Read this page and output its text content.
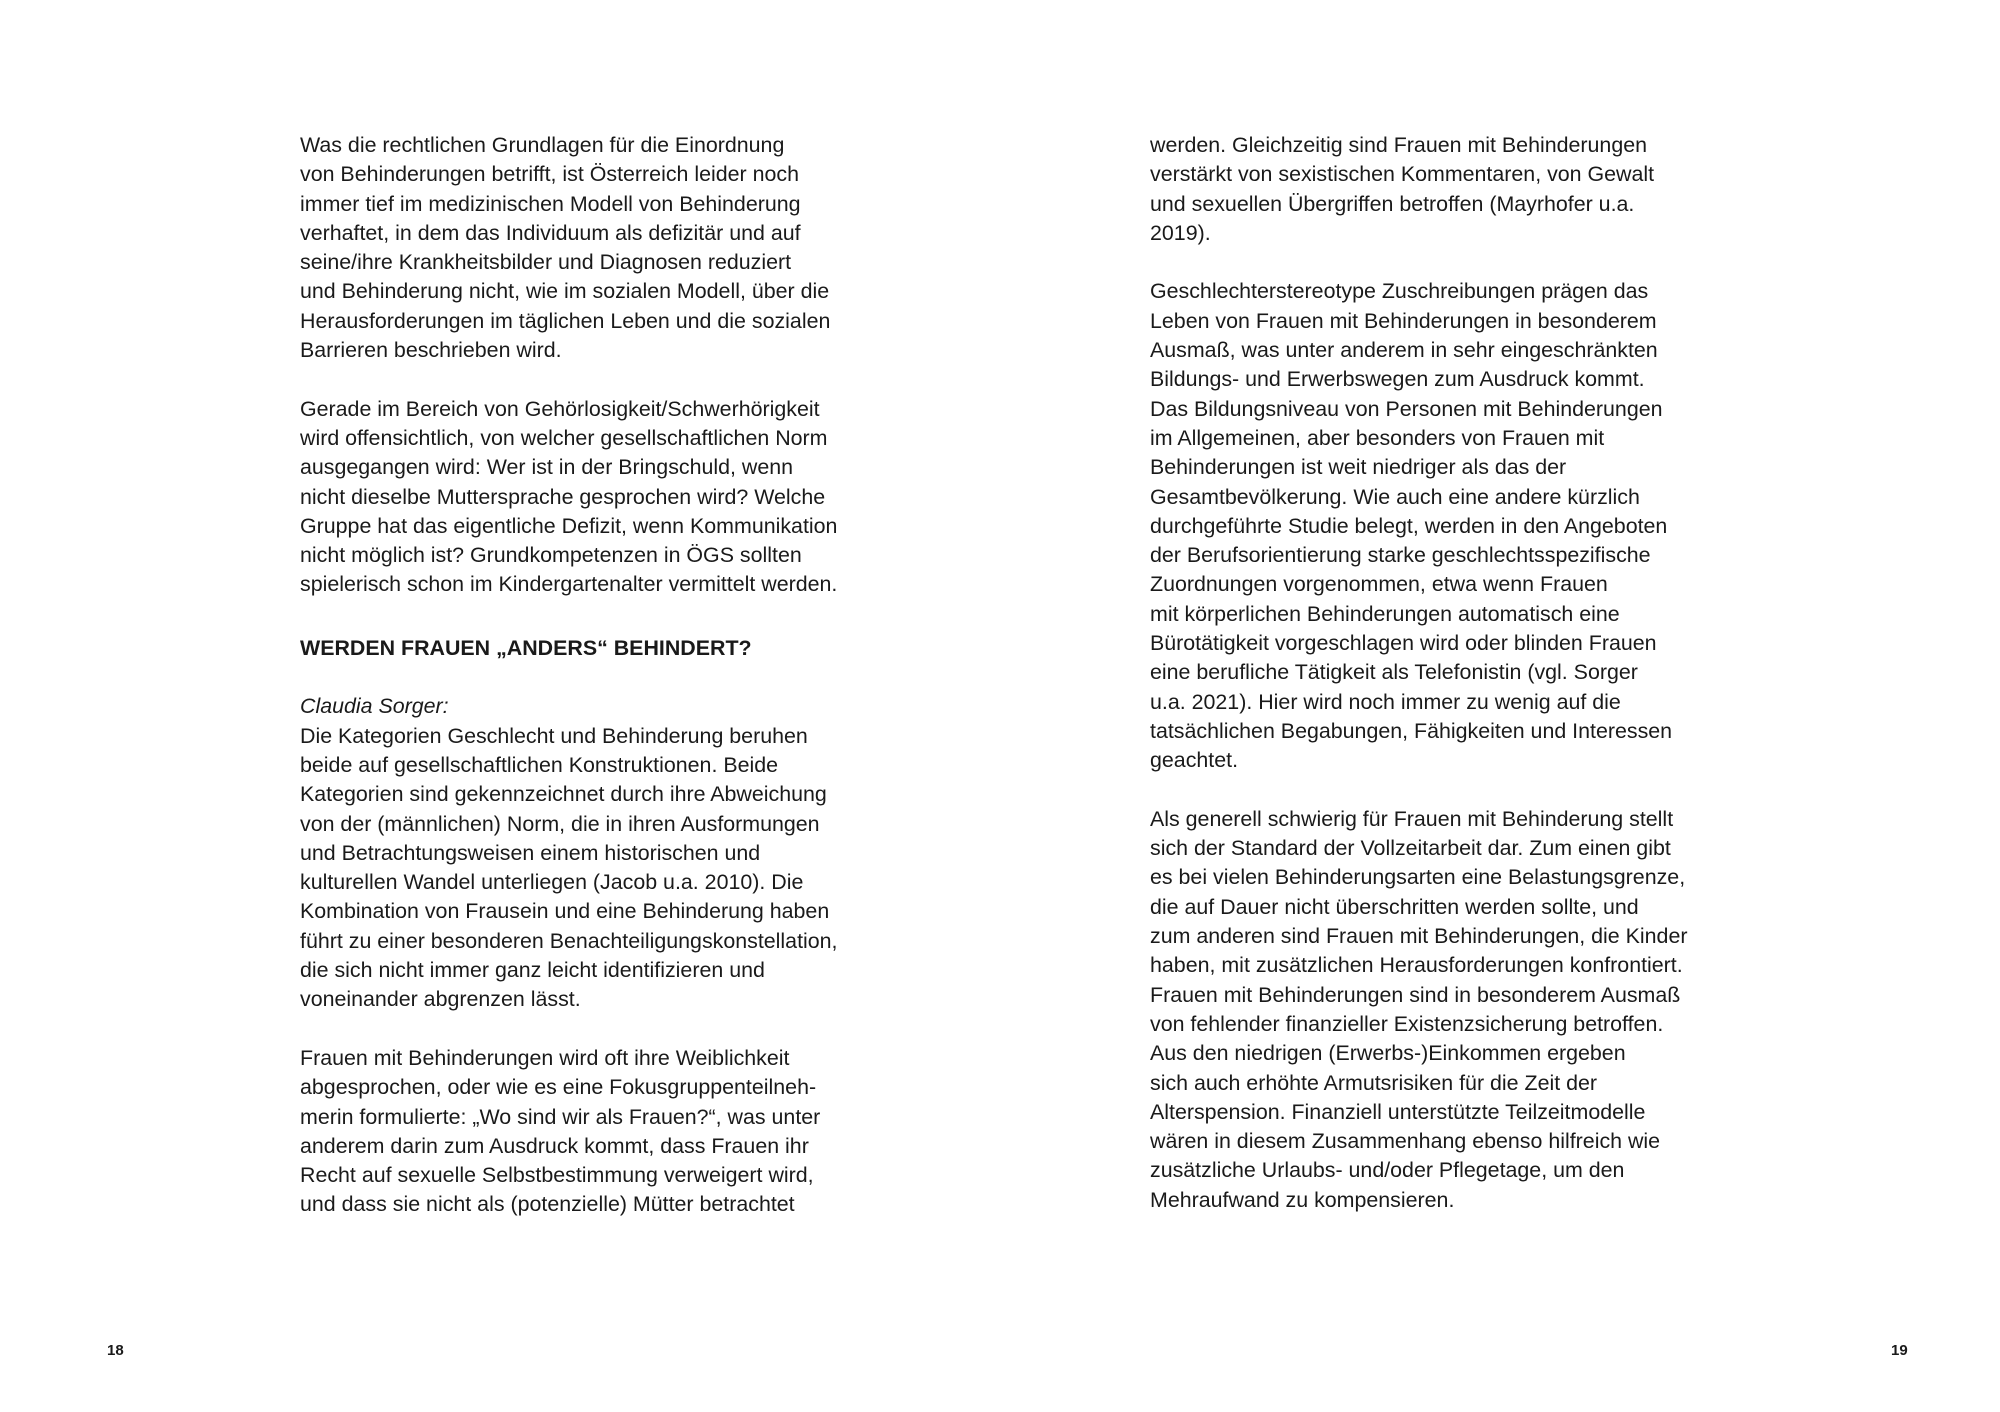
Was die rechtlichen Grundlagen für die Einordnung
von Behinderungen betrifft, ist Österreich leider noch
immer tief im medizinischen Modell von Behinderung
verhaftet, in dem das Individuum als defizitär und auf
seine/ihre Krankheitsbilder und Diagnosen reduziert
und Behinderung nicht, wie im sozialen Modell, über die
Herausforderungen im täglichen Leben und die sozialen
Barrieren beschrieben wird.
Gerade im Bereich von Gehörlosigkeit/Schwerhörigkeit
wird offensichtlich, von welcher gesellschaftlichen Norm
ausgegangen wird: Wer ist in der Bringschuld, wenn
nicht dieselbe Muttersprache gesprochen wird? Welche
Gruppe hat das eigentliche Defizit, wenn Kommunikation
nicht möglich ist? Grundkompetenzen in ÖGS sollten
spielerisch schon im Kindergartenalter vermittelt werden.
WERDEN FRAUEN „ANDERS“ BEHINDERT?
Claudia Sorger:
Die Kategorien Geschlecht und Behinderung beruhen
beide auf gesellschaftlichen Konstruktionen. Beide
Kategorien sind gekennzeichnet durch ihre Abweichung
von der (männlichen) Norm, die in ihren Ausformungen
und Betrachtungsweisen einem historischen und
kulturellen Wandel unterliegen (Jacob u.a. 2010). Die
Kombination von Frausein und eine Behinderung haben
führt zu einer besonderen Benachteiligungskonstellation,
die sich nicht immer ganz leicht identifizieren und
voneinander abgrenzen lässt.
Frauen mit Behinderungen wird oft ihre Weiblichkeit
abgesprochen, oder wie es eine Fokusgruppenteilneh-
merin formulierte: „Wo sind wir als Frauen?“, was unter
anderem darin zum Ausdruck kommt, dass Frauen ihr
Recht auf sexuelle Selbstbestimmung verweigert wird,
und dass sie nicht als (potenzielle) Mütter betrachtet
18
werden. Gleichzeitig sind Frauen mit Behinderungen
verstärkt von sexistischen Kommentaren, von Gewalt
und sexuellen Übergriffen betroffen (Mayrhofer u.a.
2019).
Geschlechterstereotype Zuschreibungen prägen das
Leben von Frauen mit Behinderungen in besonderem
Ausmaß, was unter anderem in sehr eingeschränkten
Bildungs- und Erwerbswegen zum Ausdruck kommt.
Das Bildungsniveau von Personen mit Behinderungen
im Allgemeinen, aber besonders von Frauen mit
Behinderungen ist weit niedriger als das der
Gesamtbevölkerung. Wie auch eine andere kürzlich
durchgeführte Studie belegt, werden in den Angeboten
der Berufsorientierung starke geschlechtsspezifische
Zuordnungen vorgenommen, etwa wenn Frauen
mit körperlichen Behinderungen automatisch eine
Bürotätigkeit vorgeschlagen wird oder blinden Frauen
eine berufliche Tätigkeit als Telefonistin (vgl. Sorger
u.a. 2021). Hier wird noch immer zu wenig auf die
tatsächlichen Begabungen, Fähigkeiten und Interessen
geachtet.
Als generell schwierig für Frauen mit Behinderung stellt
sich der Standard der Vollzeitarbeit dar. Zum einen gibt
es bei vielen Behinderungsarten eine Belastungsgrenze,
die auf Dauer nicht überschritten werden sollte, und
zum anderen sind Frauen mit Behinderungen, die Kinder
haben, mit zusätzlichen Herausforderungen konfrontiert.
Frauen mit Behinderungen sind in besonderem Ausmaß
von fehlender finanzieller Existenzsicherung betroffen.
Aus den niedrigen (Erwerbs-)Einkommen ergeben
sich auch erhöhte Armutsrisiken für die Zeit der
Alterspension. Finanziell unterstützte Teilzeitmodelle
wären in diesem Zusammenhang ebenso hilfreich wie
zusätzliche Urlaubs- und/oder Pflegetage, um den
Mehraufwand zu kompensieren.
19
